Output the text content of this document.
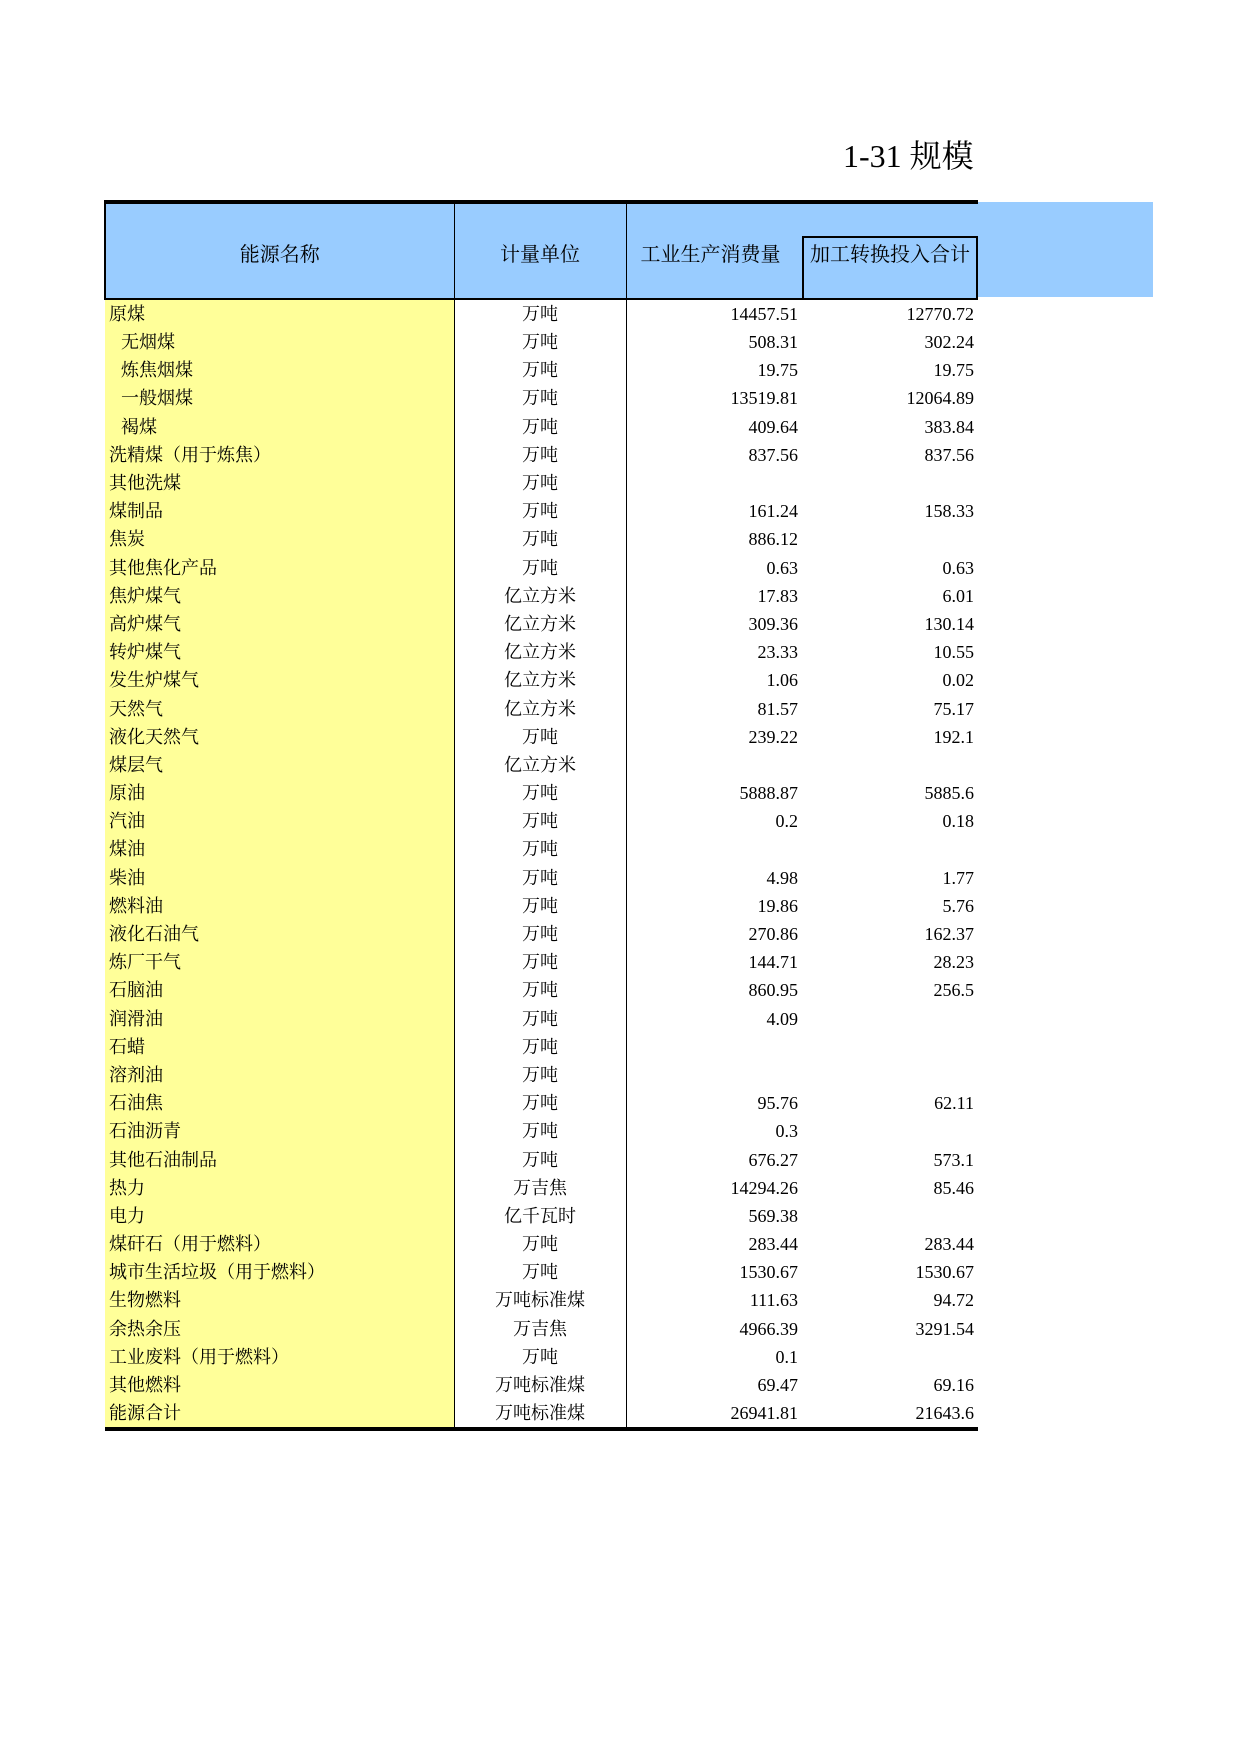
1-31 规模
能源名称	计量单位	工业生产消费量	加工转换投入合计

原煤	万吨	14457.51	12770.72
无烟煤	万吨	508.31	302.24
炼焦烟煤	万吨	19.75	19.75
一般烟煤	万吨	13519.81	12064.89
褐煤	万吨	409.64	383.84
洗精煤（用于炼焦）	万吨	837.56	837.56
其他洗煤	万吨		
煤制品	万吨	161.24	158.33
焦炭	万吨	886.12	
其他焦化产品	万吨	0.63	0.63
焦炉煤气	亿立方米	17.83	6.01
高炉煤气	亿立方米	309.36	130.14
转炉煤气	亿立方米	23.33	10.55
发生炉煤气	亿立方米	1.06	0.02
天然气	亿立方米	81.57	75.17
液化天然气	万吨	239.22	192.1
煤层气	亿立方米		
原油	万吨	5888.87	5885.6
汽油	万吨	0.2	0.18
煤油	万吨		
柴油	万吨	4.98	1.77
燃料油	万吨	19.86	5.76
液化石油气	万吨	270.86	162.37
炼厂干气	万吨	144.71	28.23
石脑油	万吨	860.95	256.5
润滑油	万吨	4.09	
石蜡	万吨		
溶剂油	万吨		
石油焦	万吨	95.76	62.11
石油沥青	万吨	0.3	
其他石油制品	万吨	676.27	573.1
热力	万吉焦	14294.26	85.46
电力	亿千瓦时	569.38	
煤矸石（用于燃料）	万吨	283.44	283.44
城市生活垃圾（用于燃料）	万吨	1530.67	1530.67
生物燃料	万吨标准煤	111.63	94.72
余热余压	万吉焦	4966.39	3291.54
工业废料（用于燃料）	万吨	0.1	
其他燃料	万吨标准煤	69.47	69.16
能源合计	万吨标准煤	26941.81	21643.6
